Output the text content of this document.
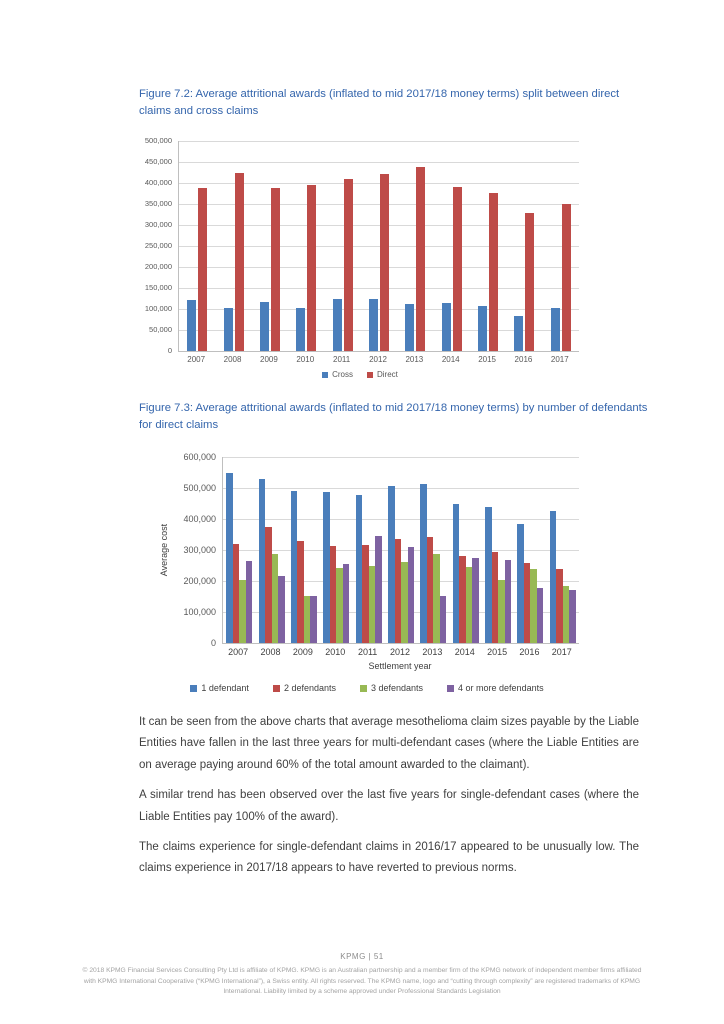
Figure 7.2: Average attritional awards (inflated to mid 2017/18 money terms) split between direct claims and cross claims
0
50,000
100,000
150,000
200,000
250,000
300,000
350,000
400,000
450,000
500,000
2007	2008	2009	2010	2011	2012	2013	2014	2015	2016	2017
Cross	Direct
Figure 7.3: Average attritional awards (inflated to mid 2017/18 money terms) by number of defendants for direct claims
Average cost
0
100,000
200,000
300,000
400,000
500,000
600,000
2007	2008	2009	2010	2011	2012	2013	2014	2015	2016	2017
Settlement year
1 defendant	2 defendants	3 defendants	4 or more defendants

It can be seen from the above charts that average mesothelioma claim sizes payable by the Liable Entities have fallen in the last three years for multi-defendant cases (where the Liable Entities are on average paying around 60% of the total amount awarded to the claimant).

A similar trend has been observed over the last five years for single-defendant cases (where the Liable Entities pay 100% of the award).

The claims experience for single-defendant claims in 2016/17 appeared to be unusually low. The claims experience in 2017/18 appears to have reverted to previous norms.

KPMG | 51
© 2018 KPMG Financial Services Consulting Pty Ltd is affiliate of KPMG. KPMG is an Australian partnership and a member firm of the KPMG network of independent member firms affiliated with KPMG International Cooperative (“KPMG International”), a Swiss entity. All rights reserved. The KPMG name, logo and “cutting through complexity” are registered trademarks of KPMG International. Liability limited by a scheme approved under Professional Standards Legislation
